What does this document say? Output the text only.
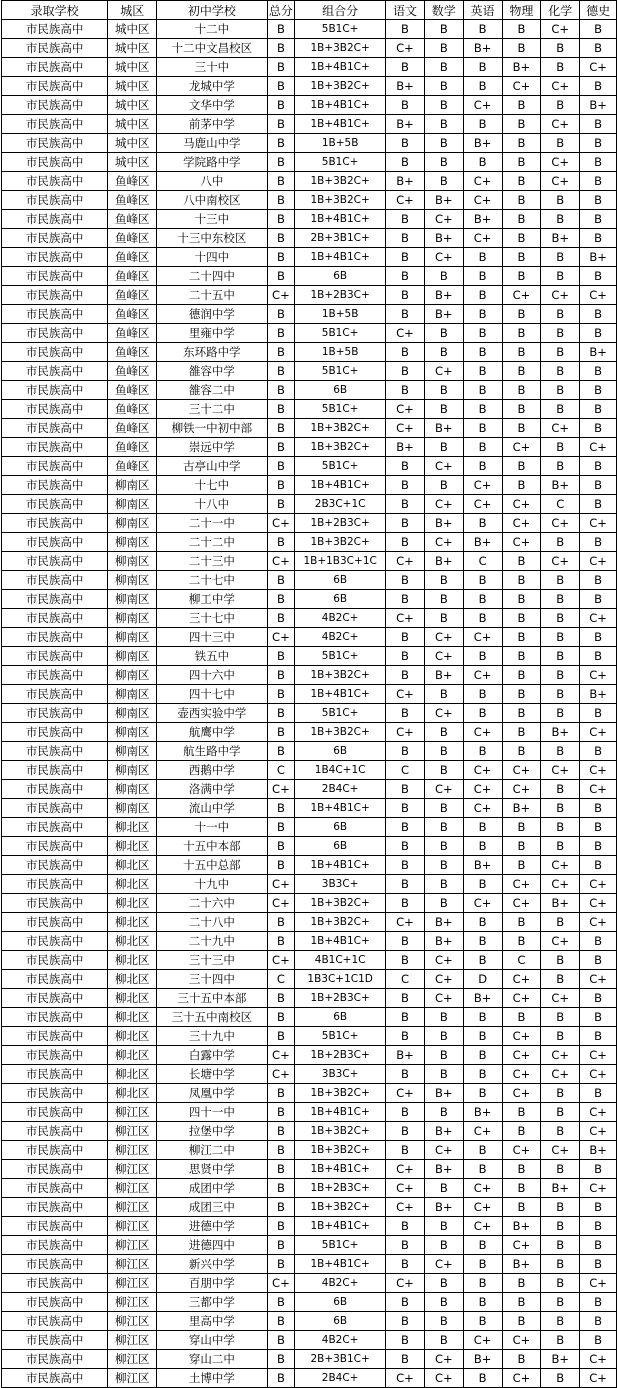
录取学校	城区	初中学校	总分	组合分	语文	数学	英语	物理	化学	德史
市民族高中	城中区	十二中	B	5B1C+	B	B	B	B	C+	B
市民族高中	城中区	十二中文昌校区	B	1B+3B2C+	C+	B	B+	B	B	B
市民族高中	城中区	三十中	B	1B+4B1C+	B	B	B	B+	B	C+
市民族高中	城中区	龙城中学	B	1B+3B2C+	B+	B	B	C+	C+	B
市民族高中	城中区	文华中学	B	1B+4B1C+	B	B	C+	B	B	B+
市民族高中	城中区	前茅中学	B	1B+4B1C+	B+	B	B	B	C+	B
市民族高中	城中区	马鹿山中学	B	1B+5B	B	B	B+	B	B	B
市民族高中	城中区	学院路中学	B	5B1C+	B	B	B	B	C+	B
市民族高中	鱼峰区	八中	B	1B+3B2C+	B+	B	C+	B	C+	B
市民族高中	鱼峰区	八中南校区	B	1B+3B2C+	C+	B+	C+	B	B	B
市民族高中	鱼峰区	十三中	B	1B+4B1C+	B	C+	B+	B	B	B
市民族高中	鱼峰区	十三中东校区	B	2B+3B1C+	B	B+	C+	B	B+	B
市民族高中	鱼峰区	十四中	B	1B+4B1C+	B	C+	B	B	B	B+
市民族高中	鱼峰区	二十四中	B	6B	B	B	B	B	B	B
市民族高中	鱼峰区	二十五中	C+	1B+2B3C+	B	B+	B	C+	C+	C+
市民族高中	鱼峰区	德润中学	B	1B+5B	B	B+	B	B	B	B
市民族高中	鱼峰区	里雍中学	B	5B1C+	C+	B	B	B	B	B
市民族高中	鱼峰区	东环路中学	B	1B+5B	B	B	B	B	B	B+
市民族高中	鱼峰区	雒容中学	B	5B1C+	B	C+	B	B	B	B
市民族高中	鱼峰区	雒容二中	B	6B	B	B	B	B	B	B
市民族高中	鱼峰区	三十二中	B	5B1C+	C+	B	B	B	B	B
市民族高中	鱼峰区	柳铁一中初中部	B	1B+3B2C+	C+	B+	B	B	C+	B
市民族高中	鱼峰区	崇远中学	B	1B+3B2C+	B+	B	B	C+	B	C+
市民族高中	鱼峰区	古亭山中学	B	5B1C+	B	C+	B	B	B	B
市民族高中	柳南区	十七中	B	1B+4B1C+	B	B	C+	B	B+	B
市民族高中	柳南区	十八中	B	2B3C+1C	B	C+	C+	C+	C	B
市民族高中	柳南区	二十一中	C+	1B+2B3C+	B	B+	B	C+	C+	C+
市民族高中	柳南区	二十二中	B	1B+3B2C+	B	C+	B+	C+	B	B
市民族高中	柳南区	二十三中	C+	1B+1B3C+1C	C+	B+	C	B	C+	C+
市民族高中	柳南区	二十七中	B	6B	B	B	B	B	B	B
市民族高中	柳南区	柳工中学	B	6B	B	B	B	B	B	B
市民族高中	柳南区	三十七中	B	4B2C+	C+	B	B	B	B	C+
市民族高中	柳南区	四十三中	C+	4B2C+	B	C+	C+	B	B	B
市民族高中	柳南区	铁五中	B	5B1C+	B	C+	B	B	B	B
市民族高中	柳南区	四十六中	B	1B+3B2C+	B	B+	C+	B	B	C+
市民族高中	柳南区	四十七中	B	1B+4B1C+	C+	B	B	B	B	B+
市民族高中	柳南区	壶西实验中学	B	5B1C+	B	C+	B	B	B	B
市民族高中	柳南区	航鹰中学	B	1B+3B2C+	C+	B	C+	B	B+	C+
市民族高中	柳南区	航生路中学	B	6B	B	B	B	B	B	B
市民族高中	柳南区	西鹅中学	C	1B4C+1C	C	B	C+	C+	C+	C+
市民族高中	柳南区	洛满中学	C+	2B4C+	B	C+	C+	C+	B	C+
市民族高中	柳南区	流山中学	B	1B+4B1C+	B	B	C+	B+	B	B
市民族高中	柳北区	十一中	B	6B	B	B	B	B	B	B
市民族高中	柳北区	十五中本部	B	6B	B	B	B	B	B	B
市民族高中	柳北区	十五中总部	B	1B+4B1C+	B	B	B+	B	C+	B
市民族高中	柳北区	十九中	C+	3B3C+	B	B	B	C+	C+	C+
市民族高中	柳北区	二十六中	C+	1B+3B2C+	B	B	C+	C+	B+	C+
市民族高中	柳北区	二十八中	B	1B+3B2C+	C+	B+	B	B	B	C+
市民族高中	柳北区	二十九中	B	1B+4B1C+	B	B+	B	B	C+	B
市民族高中	柳北区	三十三中	C+	4B1C+1C	B	C+	B	C	B	B
市民族高中	柳北区	三十四中	C	1B3C+1C1D	C	C+	D	C+	B	C+
市民族高中	柳北区	三十五中本部	B	1B+2B3C+	B	C+	B+	C+	C+	B
市民族高中	柳北区	三十五中南校区	B	6B	B	B	B	B	B	B
市民族高中	柳北区	三十九中	B	5B1C+	B	B	B	C+	B	B
市民族高中	柳北区	白露中学	C+	1B+2B3C+	B+	B	B	C+	C+	C+
市民族高中	柳北区	长塘中学	C+	3B3C+	B	B	B	C+	C+	C+
市民族高中	柳北区	凤凰中学	B	1B+3B2C+	C+	B+	B	C+	B	B
市民族高中	柳江区	四十一中	B	1B+4B1C+	B	B	B+	B	B	C+
市民族高中	柳江区	拉堡中学	B	1B+3B2C+	B	B+	C+	B	B	C+
市民族高中	柳江区	柳江二中	B	1B+3B2C+	B	C+	B	C+	C+	B+
市民族高中	柳江区	思贤中学	B	1B+4B1C+	C+	B+	B	B	B	B
市民族高中	柳江区	成团中学	B	1B+2B3C+	C+	B	C+	B	B+	C+
市民族高中	柳江区	成团三中	B	1B+3B2C+	C+	B+	C+	B	B	B
市民族高中	柳江区	进德中学	B	1B+4B1C+	B	B	C+	B+	B	B
市民族高中	柳江区	进德四中	B	5B1C+	B	B	B	C+	B	B
市民族高中	柳江区	新兴中学	B	1B+4B1C+	B	C+	B	B+	B	B
市民族高中	柳江区	百朋中学	C+	4B2C+	C+	B	B	B	B	C+
市民族高中	柳江区	三都中学	B	6B	B	B	B	B	B	B
市民族高中	柳江区	里高中学	B	6B	B	B	B	B	B	B
市民族高中	柳江区	穿山中学	B	4B2C+	B	B	C+	C+	B	B
市民族高中	柳江区	穿山二中	B	2B+3B1C+	B	C+	B+	B	B+	C+
市民族高中	柳江区	土博中学	B	2B4C+	C+	C+	B	C+	B	C+
